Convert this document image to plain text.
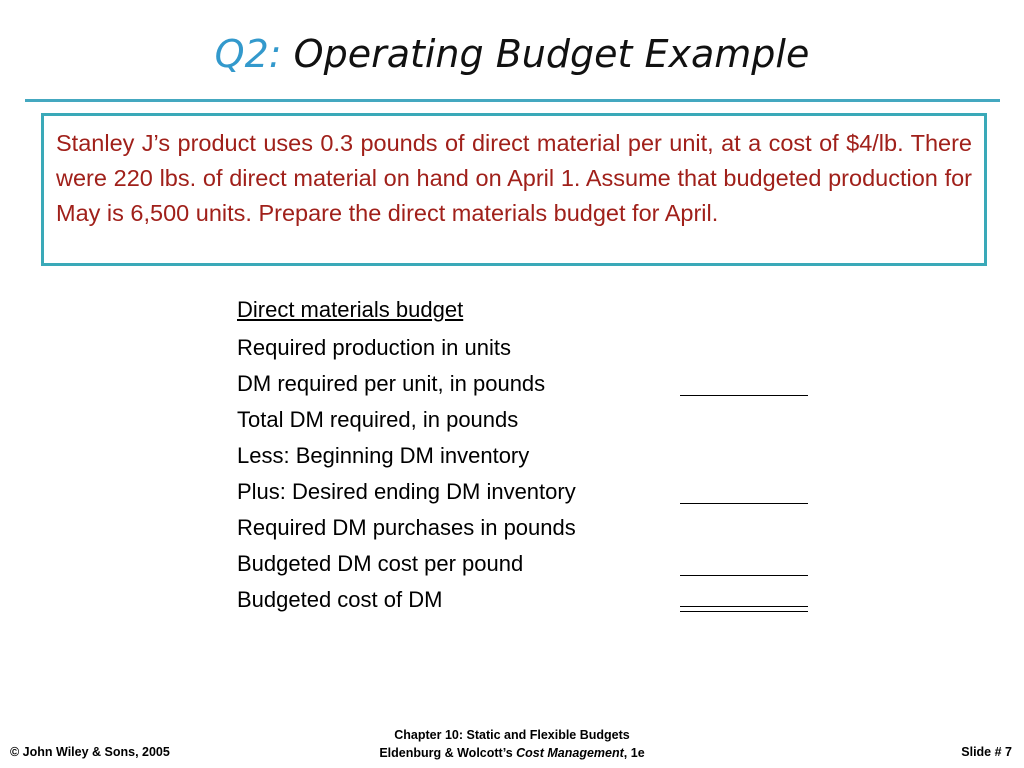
Q2: Operating Budget Example
Stanley J’s product uses 0.3 pounds of direct material per unit, at a cost of $4/lb. There were 220 lbs. of direct material on hand on April 1. Assume that budgeted production for May is 6,500 units. Prepare the direct materials budget for April.
Direct materials budget
Required production in units
DM required per unit, in pounds
Total DM required, in pounds
Less: Beginning DM inventory
Plus: Desired ending DM inventory
Required DM purchases in pounds
Budgeted DM cost per pound
Budgeted cost of DM
© John Wiley & Sons, 2005
Chapter 10: Static and Flexible Budgets
Eldenburg & Wolcott’s Cost Management, 1e	Slide # 7
